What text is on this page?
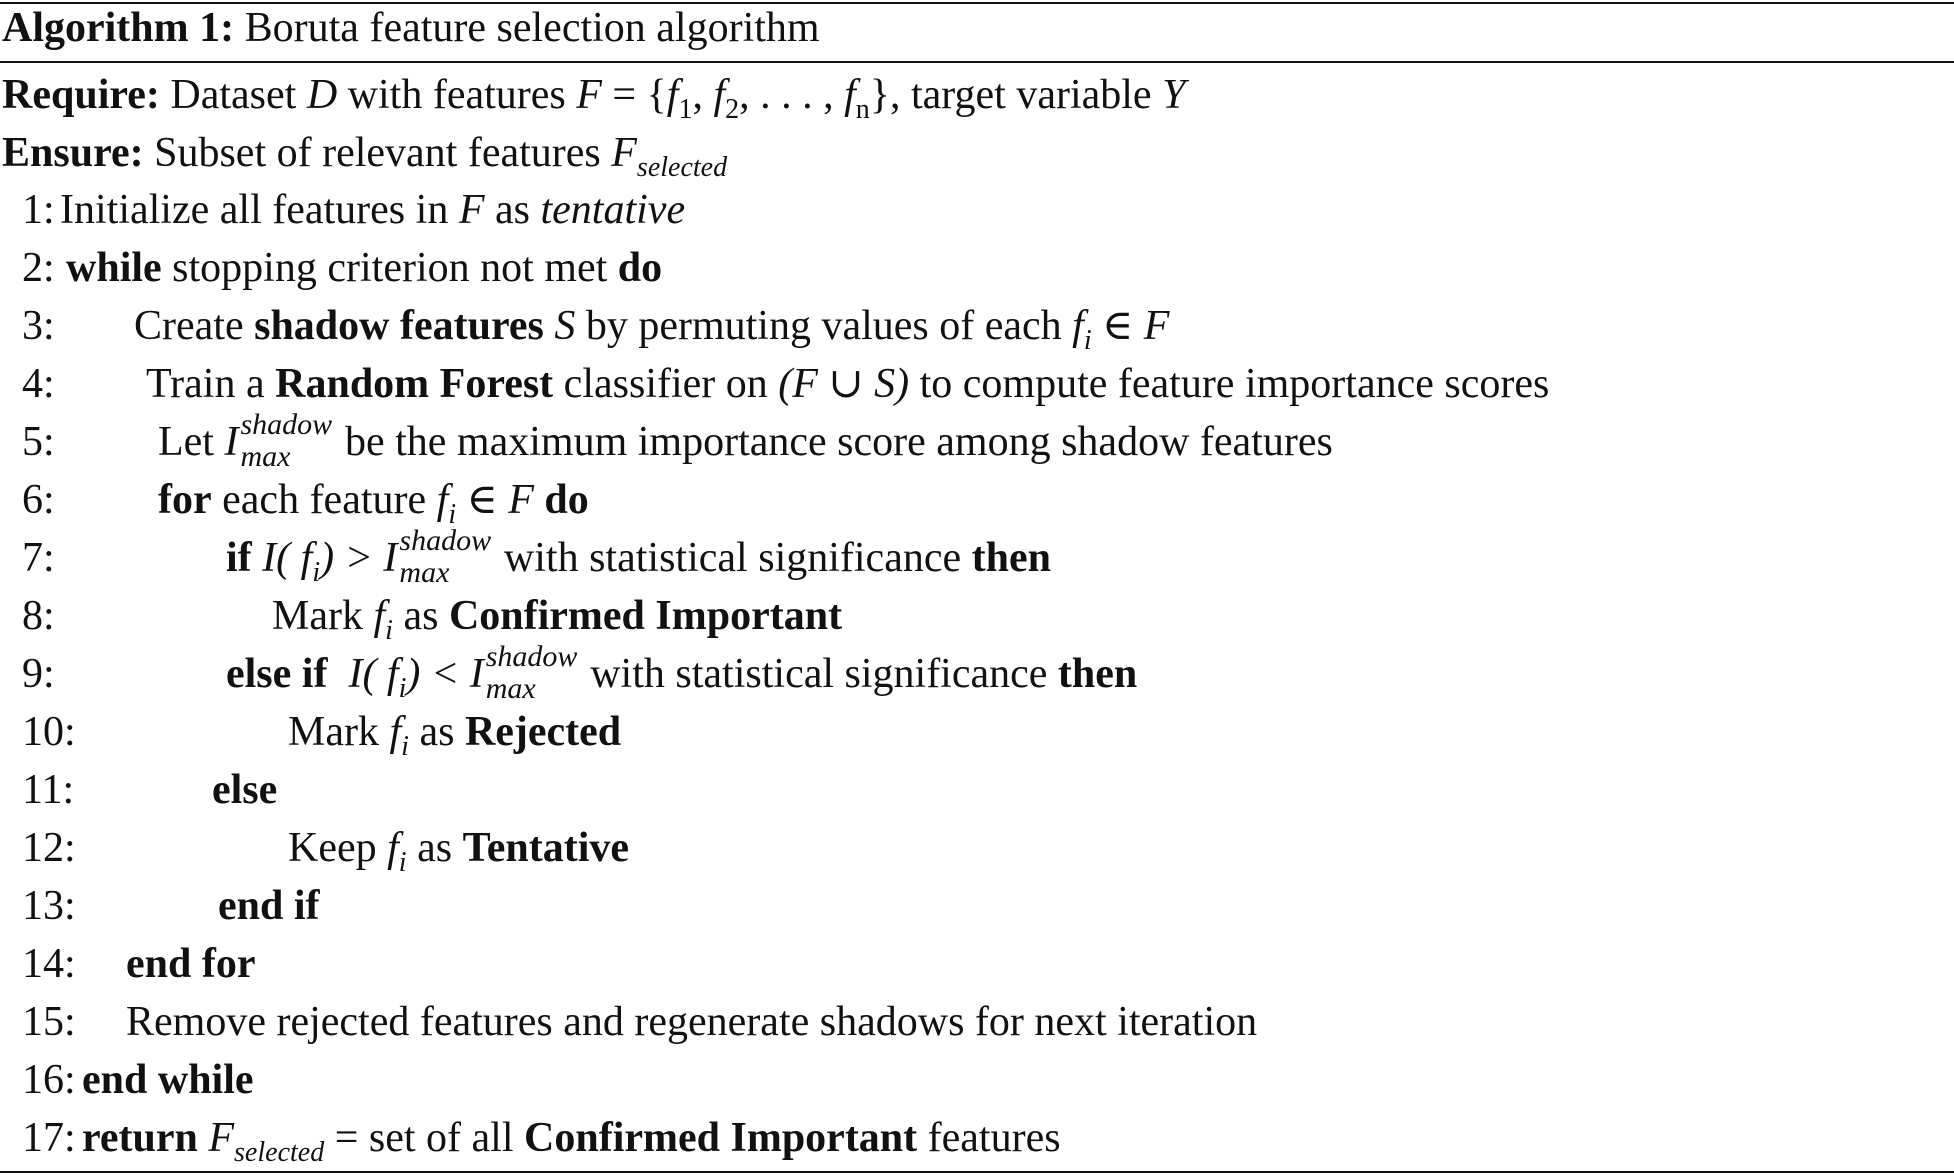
Algorithm 1: Boruta feature selection algorithm
Require: Dataset D with features $F = \{f_1$, $f_2$, . . . , $f_n$}, target variable Y
Ensure: Subset of relevant features $F_{selected}$
1: Initialize all features in F as tentative
2: while stopping criterion not met do
3: Create shadow features S by permuting values of each $f_i$ ∈ F
4: Train a Random Forest classifier on (F ∪ S) to compute feature importance scores
5: Let I shadow
max be the maximum importance score among shadow features
6: for each feature $f_i$ ∈ F do
7:	if I( $f_i) > I$ shadow
max with statistical significance then
8:	Mark $f_i$ as Confirmed Important
9:	else if I( $f_i) < I$ shadow
max with statistical significance then
10:	Mark $f_i$ as Rejected
11:	else
12:	Keep $f_i$ as Tentative
13:	end if
14: end for
15: Remove rejected features and regenerate shadows for next iteration
16: end while
17: return $F_{selected}$ = set of all Confirmed Important features
